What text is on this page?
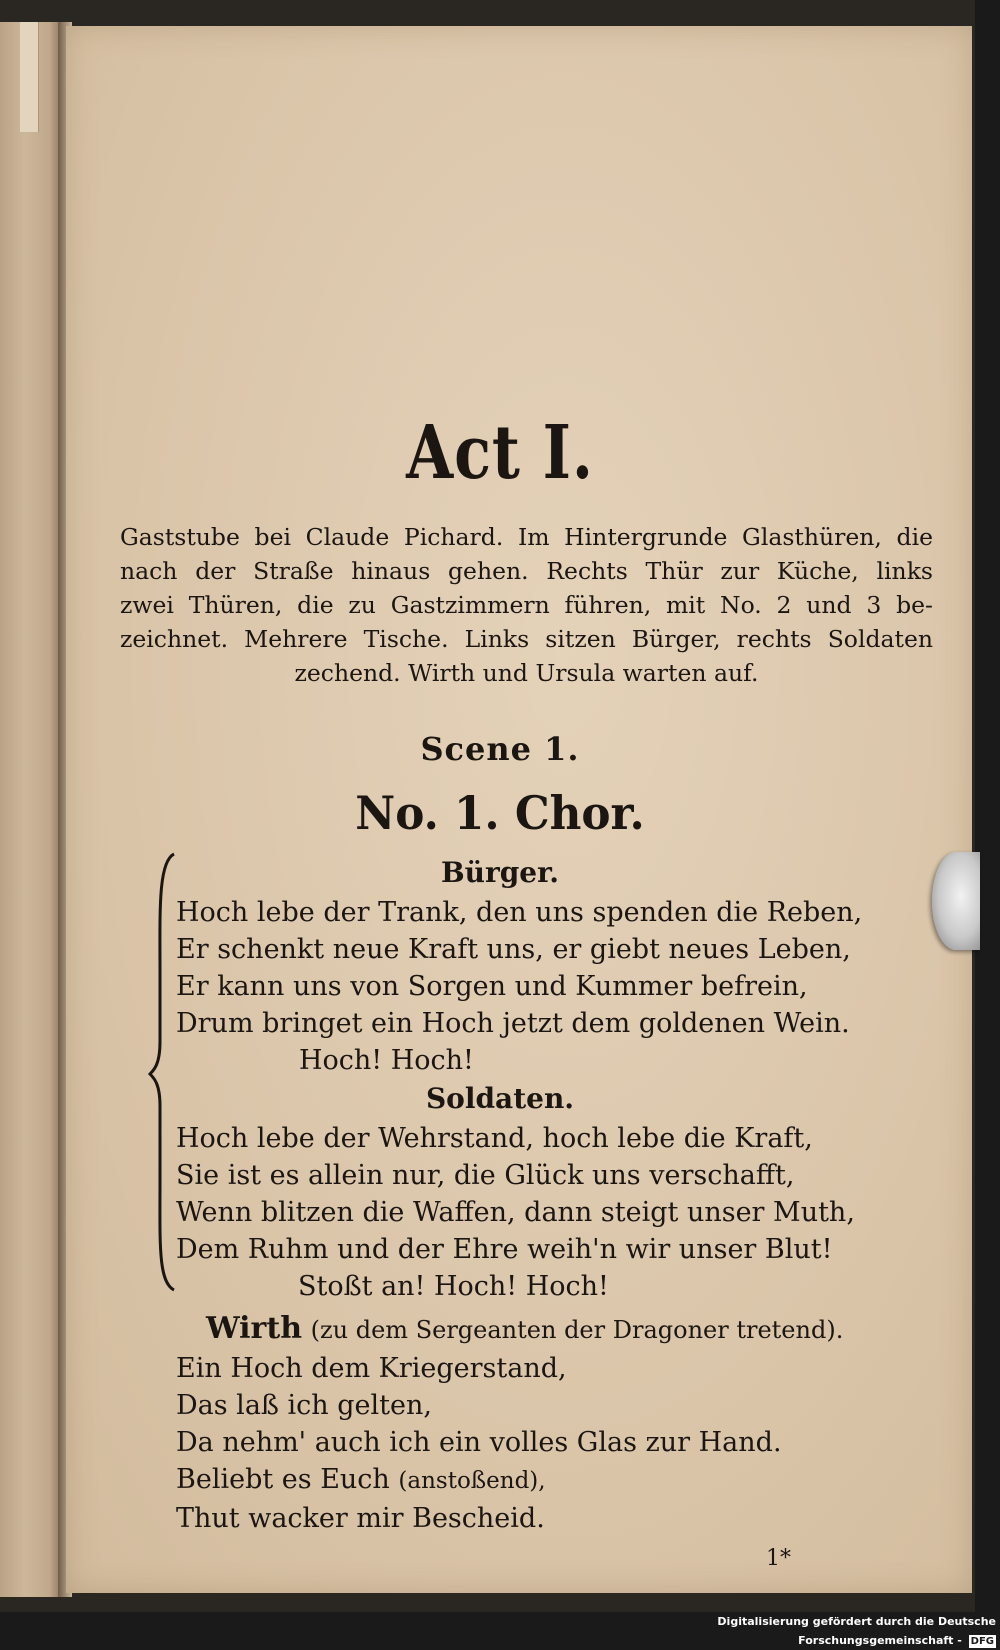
Act I.
Gaststube bei Claude Pichard. Im Hintergrunde Glasthüren, die
nach der Straße hinaus gehen. Rechts Thür zur Küche, links
zwei Thüren, die zu Gastzimmern führen, mit No. 2 und 3 be-
zeichnet. Mehrere Tische. Links sitzen Bürger, rechts Soldaten
zechend. Wirth und Ursula warten auf.
Scene 1.
No. 1. Chor.
Bürger.
Hoch lebe der Trank, den uns spenden die Reben,
Er schenkt neue Kraft uns, er giebt neues Leben,
Er kann uns von Sorgen und Kummer befrein,
Drum bringet ein Hoch jetzt dem goldenen Wein.
Hoch! Hoch!
Soldaten.
Hoch lebe der Wehrstand, hoch lebe die Kraft,
Sie ist es allein nur, die Glück uns verschafft,
Wenn blitzen die Waffen, dann steigt unser Muth,
Dem Ruhm und der Ehre weih'n wir unser Blut!
Stoßt an! Hoch! Hoch!
Wirth (zu dem Sergeanten der Dragoner tretend).
Ein Hoch dem Kriegerstand,
Das laß ich gelten,
Da nehm' auch ich ein volles Glas zur Hand.
Beliebt es Euch (anstoßend),
Thut wacker mir Bescheid.
1*
Digitalisierung gefördert durch die Deutsche Forschungsgemeinschaft - DFG
